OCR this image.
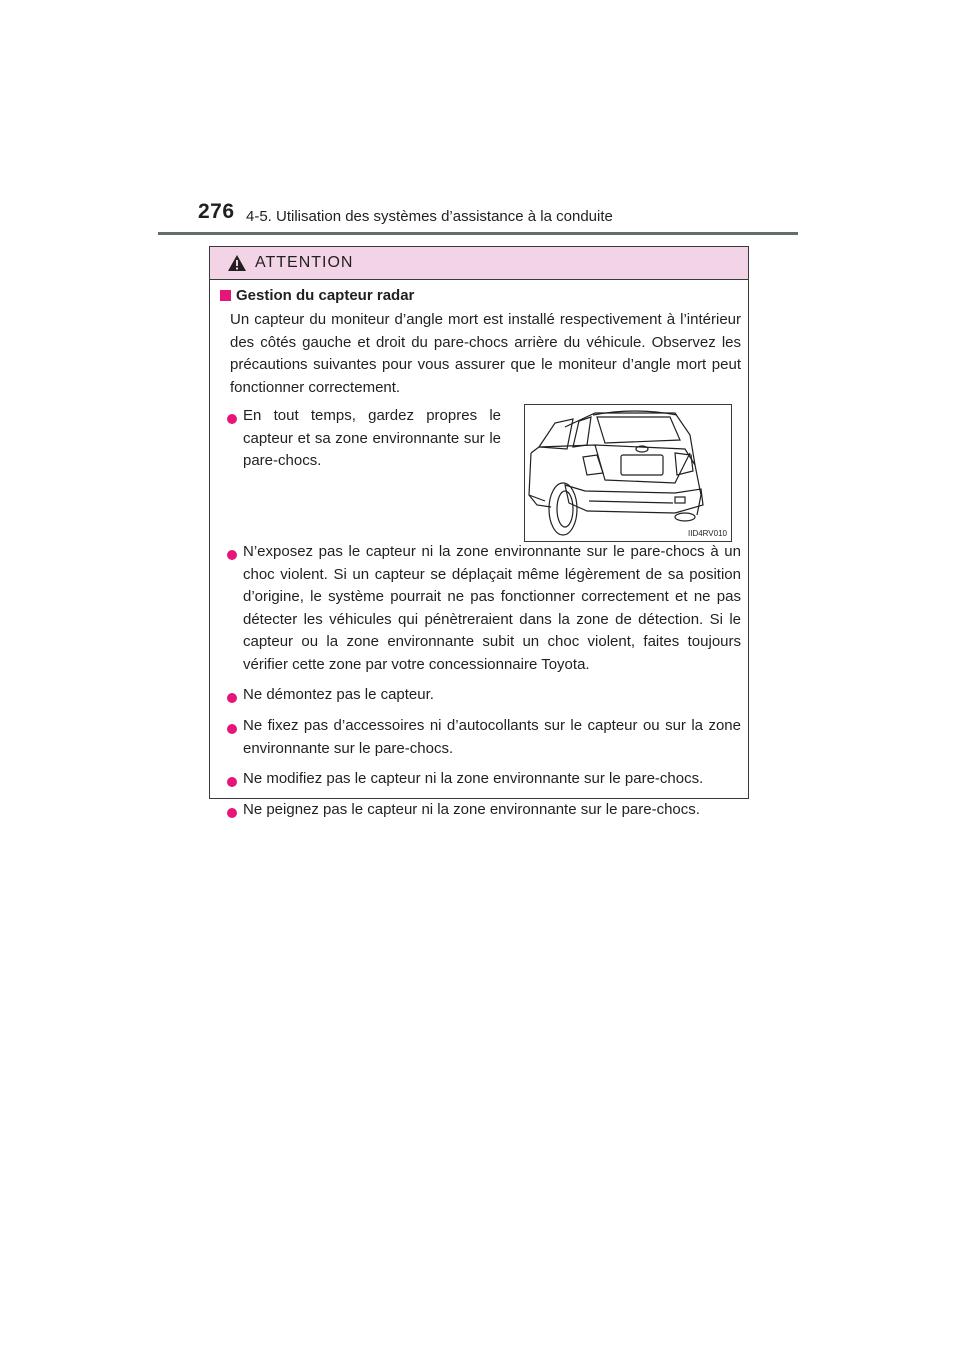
276 4-5. Utilisation des systèmes d’assistance à la conduite
ATTENTION
Gestion du capteur radar
Un capteur du moniteur d’angle mort est installé respectivement à l’intérieur des côtés gauche et droit du pare-chocs arrière du véhicule. Observez les précautions suivantes pour vous assurer que le moniteur d’angle mort peut fonctionner correctement.
En tout temps, gardez propres le capteur et sa zone environnante sur le pare-chocs.
IID4RV010
N’exposez pas le capteur ni la zone environnante sur le pare-chocs à un choc violent. Si un capteur se déplaçait même légèrement de sa position d’origine, le système pourrait ne pas fonctionner correctement et ne pas détecter les véhicules qui pénètreraient dans la zone de détection. Si le capteur ou la zone environnante subit un choc violent, faites toujours vérifier cette zone par votre concessionnaire Toyota.
Ne démontez pas le capteur.
Ne fixez pas d’accessoires ni d’autocollants sur le capteur ou sur la zone environnante sur le pare-chocs.
Ne modifiez pas le capteur ni la zone environnante sur le pare-chocs.
Ne peignez pas le capteur ni la zone environnante sur le pare-chocs.
